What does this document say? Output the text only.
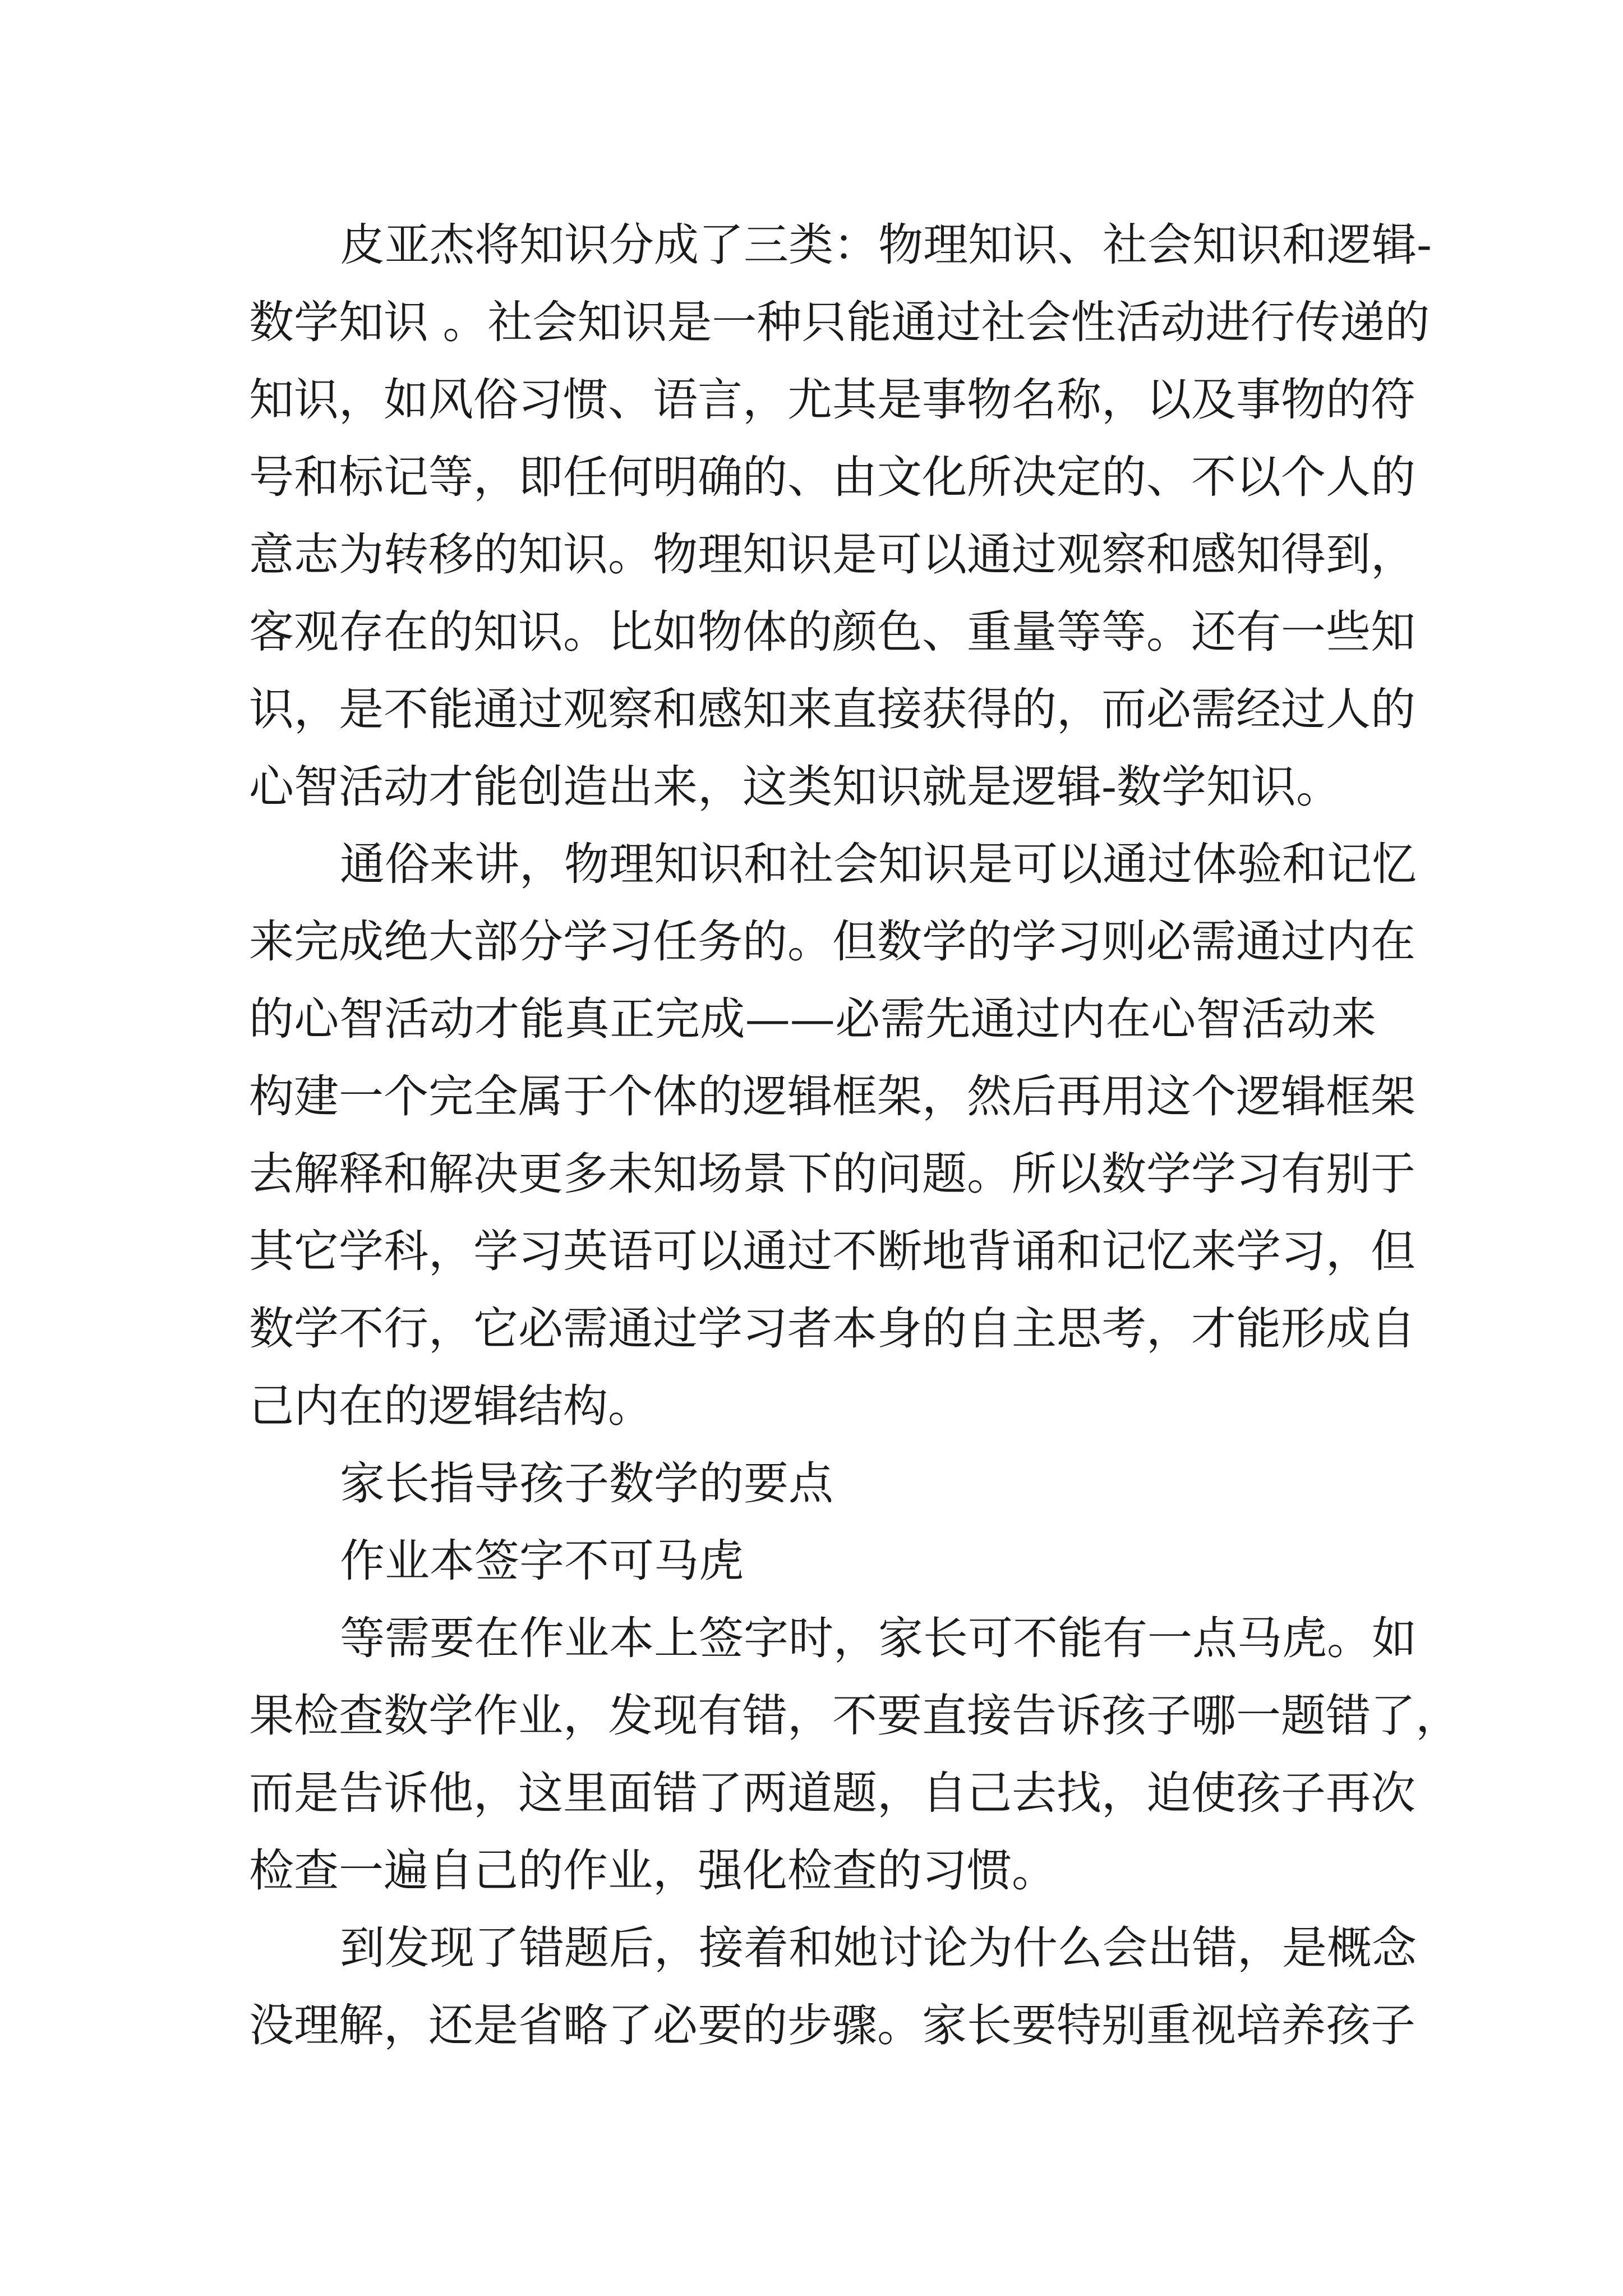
皮亚杰将知识分成了三类：物理知识、社会知识和逻辑-
数学知识 。社会知识是一种只能通过社会性活动进行传递的
知识，如风俗习惯、语言，尤其是事物名称，以及事物的符
号和标记等，即任何明确的、由文化所决定的、不以个人的
意志为转移的知识。物理知识是可以通过观察和感知得到，
客观存在的知识。比如物体的颜色、重量等等。还有一些知
识，是不能通过观察和感知来直接获得的，而必需经过人的
心智活动才能创造出来，这类知识就是逻辑-数学知识。
通俗来讲，物理知识和社会知识是可以通过体验和记忆
来完成绝大部分学习任务的。但数学的学习则必需通过内在
的心智活动才能真正完成——必需先通过内在心智活动来
构建一个完全属于个体的逻辑框架，然后再用这个逻辑框架
去解释和解决更多未知场景下的问题。所以数学学习有别于
其它学科，学习英语可以通过不断地背诵和记忆来学习，但
数学不行，它必需通过学习者本身的自主思考，才能形成自
己内在的逻辑结构。
家长指导孩子数学的要点
作业本签字不可马虎
等需要在作业本上签字时，家长可不能有一点马虎。如
果检查数学作业，发现有错，不要直接告诉孩子哪一题错了，
而是告诉他，这里面错了两道题，自己去找，迫使孩子再次
检查一遍自己的作业，强化检查的习惯。
到发现了错题后，接着和她讨论为什么会出错，是概念
没理解，还是省略了必要的步骤。家长要特别重视培养孩子
